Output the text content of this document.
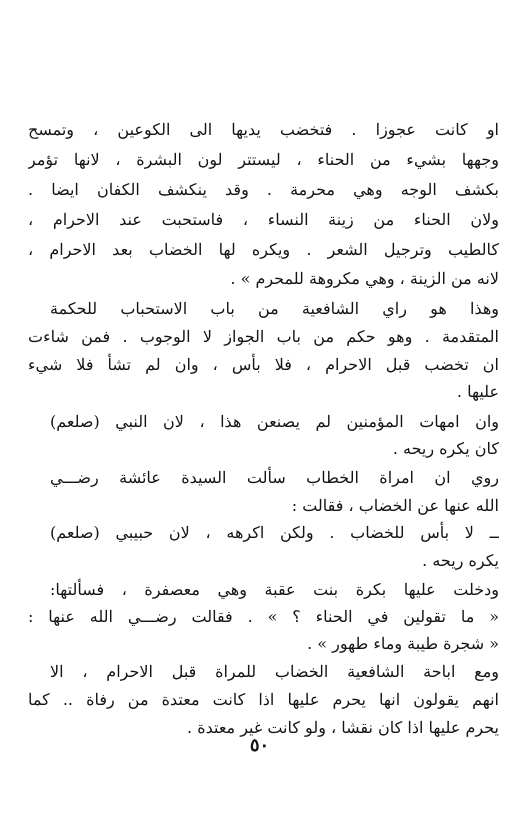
او كانت عجوزا . فتخضب يديها الى الكوعين ، وتمسح
وجهها بشيء من الحناء ، ليستتر لون البشرة ، لانها تؤمر
بكشف الوجه وهي محرمة . وقد ينكشف الكفان ايضا .
ولان الحناء من زينة النساء ، فاستحبت عند الاحرام ،
كالطيب وترجيل الشعر . ويكره لها الخضاب بعد الاحرام ،
لانه من الزينة ، وهي مكروهة للمحرم » .
وهذا هو راي الشافعية من باب الاستحباب للحكمة
المتقدمة . وهو حكم من باب الجواز لا الوجوب . فمن شاءت
ان تخضب قبل الاحرام ، فلا بأس ، وان لم تشأ فلا شيء
عليها .
وان امهات المؤمنين لم يصنعن هذا ، لان النبي (صلعم)
كان يكره ريحه .
روي ان امراة الخطاب سألت السيدة عائشة رضـــي
الله عنها عن الخضاب ، فقالت :
ــ لا بأس للخضاب . ولكن اكرهه ، لان حبيبي (صلعم)
يكره ريحه .
ودخلت عليها بكرة بنت عقبة وهي معصفرة ، فسألتها:
« ما تقولين في الحناء ؟ » . فقالت رضـــي الله عنها :
« شجرة طيبة وماء طهور » .
ومع اباحة الشافعية الخضاب للمراة قبل الاحرام ، الا
انهم يقولون انها يحرم عليها اذا كانت معتدة من رفاة .. كما
يحرم عليها اذا كان نقشا ، ولو كانت غير معتدة .
٥٠
